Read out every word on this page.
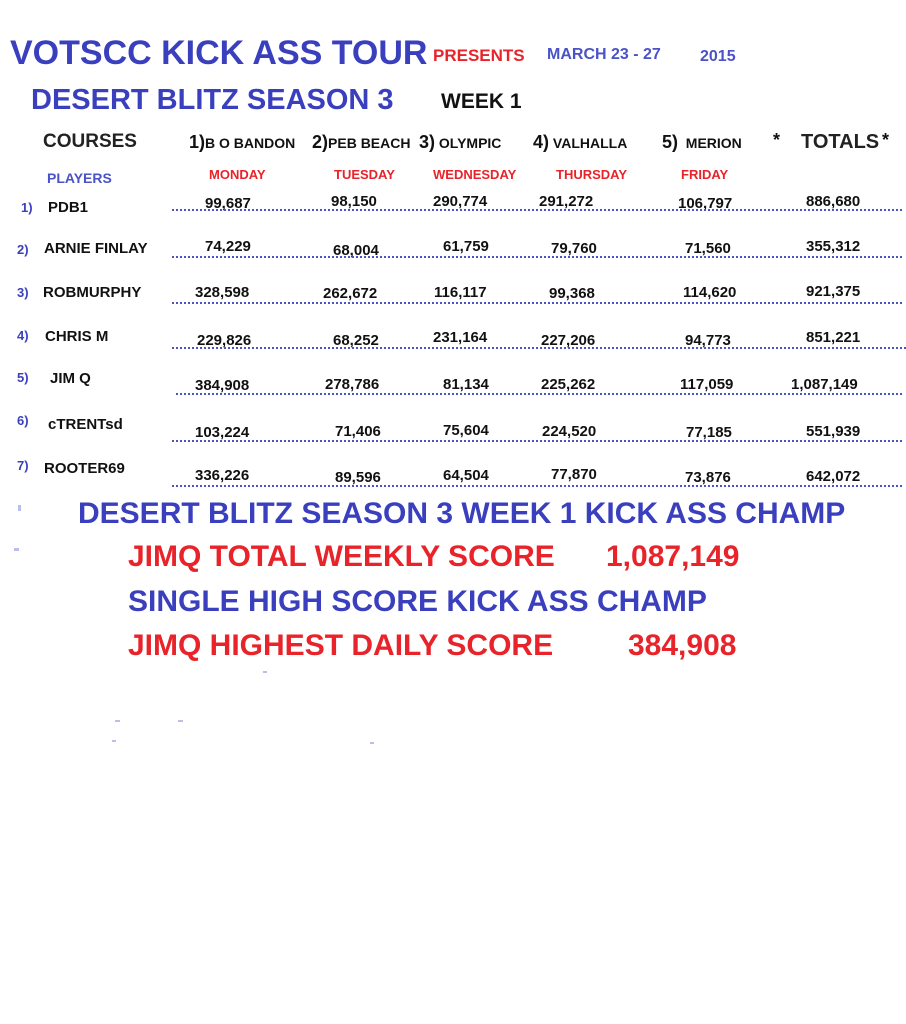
VOTSCC KICK ASS TOUR PRESENTS MARCH 23 - 27 2015
DESERT BLITZ SEASON 3 WEEK 1
COURSES	1)B O BANDON 2)PEB BEACH 3) OLYMPIC 4) VALHALLA 5) MERION * TOTALS *
PLAYERS	MONDAY	TUESDAY	WEDNESDAY	THURSDAY	FRIDAY
1) PDB1	99,687	98,150	290,774	291,272	106,797	886,680
2) ARNIE FINLAY	74,229	68,004	61,759	79,760	71,560	355,312
3) ROBMURPHY	328,598	262,672	116,117	99,368	114,620	921,375
4) CHRIS M	229,826	68,252	231,164	227,206	94,773	851,221
5) JIM Q	384,908	278,786	81,134	225,262	117,059	1,087,149
6) cTRENTsd	103,224	71,406	75,604	224,520	77,185	551,939
7) ROOTER69	336,226	89,596	64,504	77,870	73,876	642,072
DESERT BLITZ SEASON 3 WEEK 1 KICK ASS CHAMP
JIMQ TOTAL WEEKLY SCORE 1,087,149
SINGLE HIGH SCORE KICK ASS CHAMP
JIMQ HIGHEST DAILY SCORE 384,908
